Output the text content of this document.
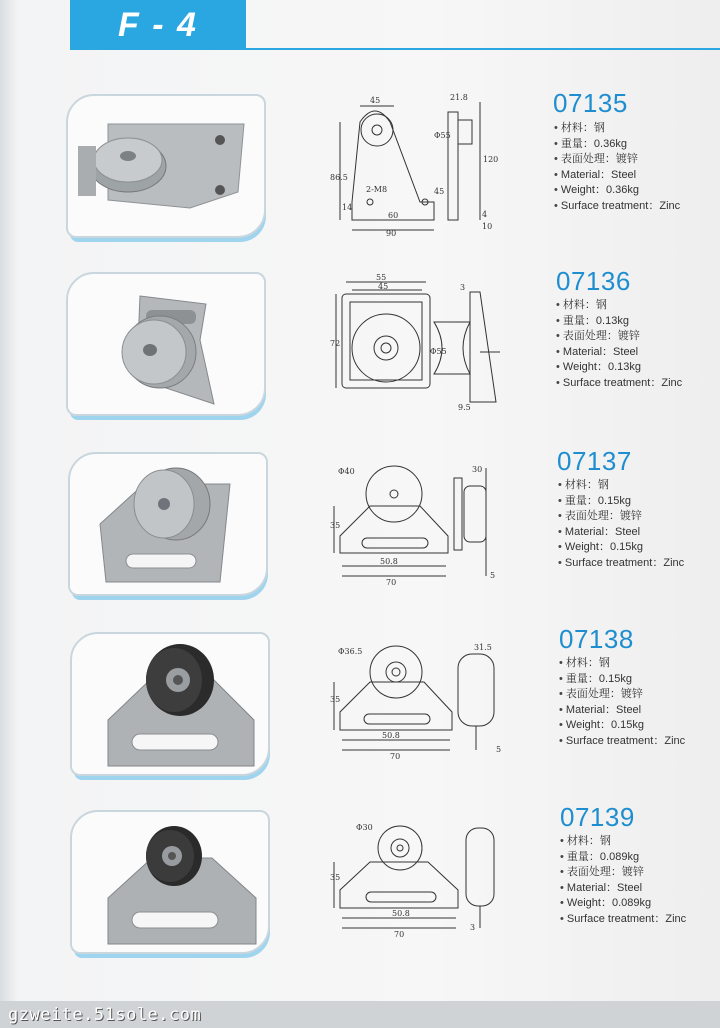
F - 4
45	21.8
Φ55
86.5
2-M8	45
60
90
120
14
4
10
07135
• 材料：钢
• 重量：0.36kg
• 表面处理：镀锌
• Material：Steel
• Weight：0.36kg
• Surface treatment：Zinc
55
45
72
Φ55
3
9.5
07136
• 材料：钢
• 重量：0.13kg
• 表面处理：镀锌
• Material：Steel
• Weight：0.13kg
• Surface treatment：Zinc
Φ40	30
35
50.8
70
5
07137
• 材料：钢
• 重量：0.15kg
• 表面处理：镀锌
• Material：Steel
• Weight：0.15kg
• Surface treatment：Zinc
Φ36.5	31.5
35
50.8
70
5
07138
• 材料：钢
• 重量：0.15kg
• 表面处理：镀锌
• Material：Steel
• Weight：0.15kg
• Surface treatment：Zinc
Φ30
35
50.8
70
3
07139
• 材料：钢
• 重量：0.089kg
• 表面处理：镀锌
• Material：Steel
• Weight：0.089kg
• Surface treatment：Zinc
gzweite.51sole.com
